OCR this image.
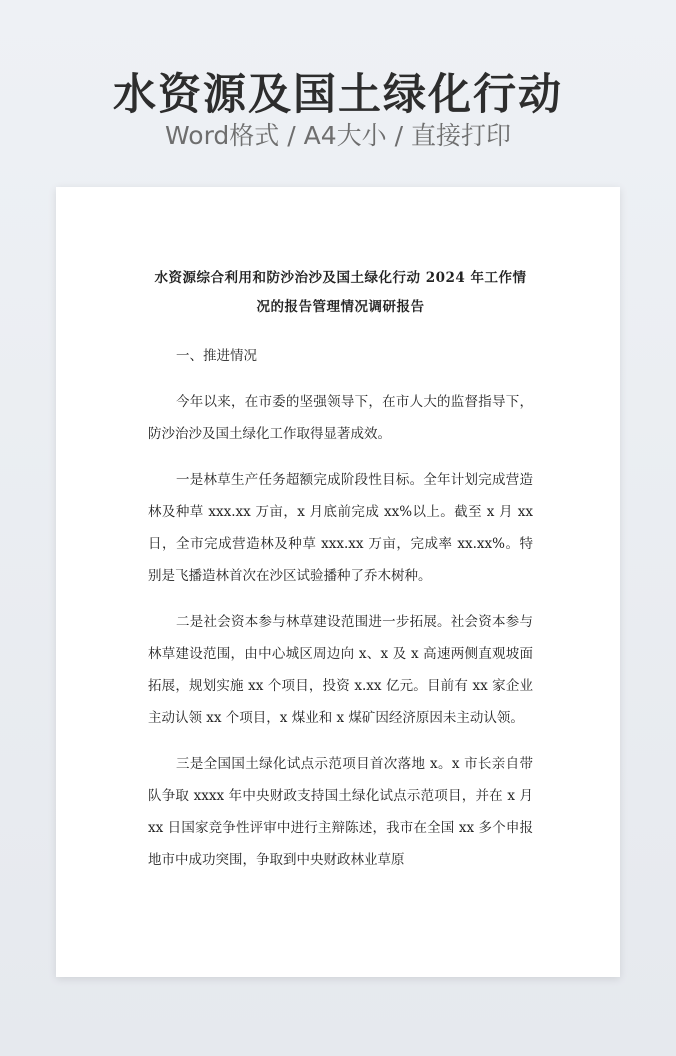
水资源及国土绿化行动
Word格式 / A4大小 / 直接打印
水资源综合利用和防沙治沙及国土绿化行动 2024 年工作情
况的报告管理情况调研报告

一、推进情况

今年以来，在市委的坚强领导下，在市人大的监督指导下，防沙治沙及国土绿化工作取得显著成效。

一是林草生产任务超额完成阶段性目标。全年计划完成营造林及种草 xxx.xx 万亩，x 月底前完成 xx%以上。截至 x 月 xx 日，全市完成营造林及种草 xxx.xx 万亩，完成率 xx.xx%。特别是飞播造林首次在沙区试验播种了乔木树种。

二是社会资本参与林草建设范围进一步拓展。社会资本参与林草建设范围，由中心城区周边向 x、x 及 x 高速两侧直观坡面拓展，规划实施 xx 个项目，投资 x.xx 亿元。目前有 xx 家企业主动认领 xx 个项目，x 煤业和 x 煤矿因经济原因未主动认领。

三是全国国土绿化试点示范项目首次落地 x。x 市长亲自带队争取 xxxx 年中央财政支持国土绿化试点示范项目，并在 x 月 xx 日国家竞争性评审中进行主辩陈述，我市在全国 xx 多个申报地市中成功突围，争取到中央财政林业草原
